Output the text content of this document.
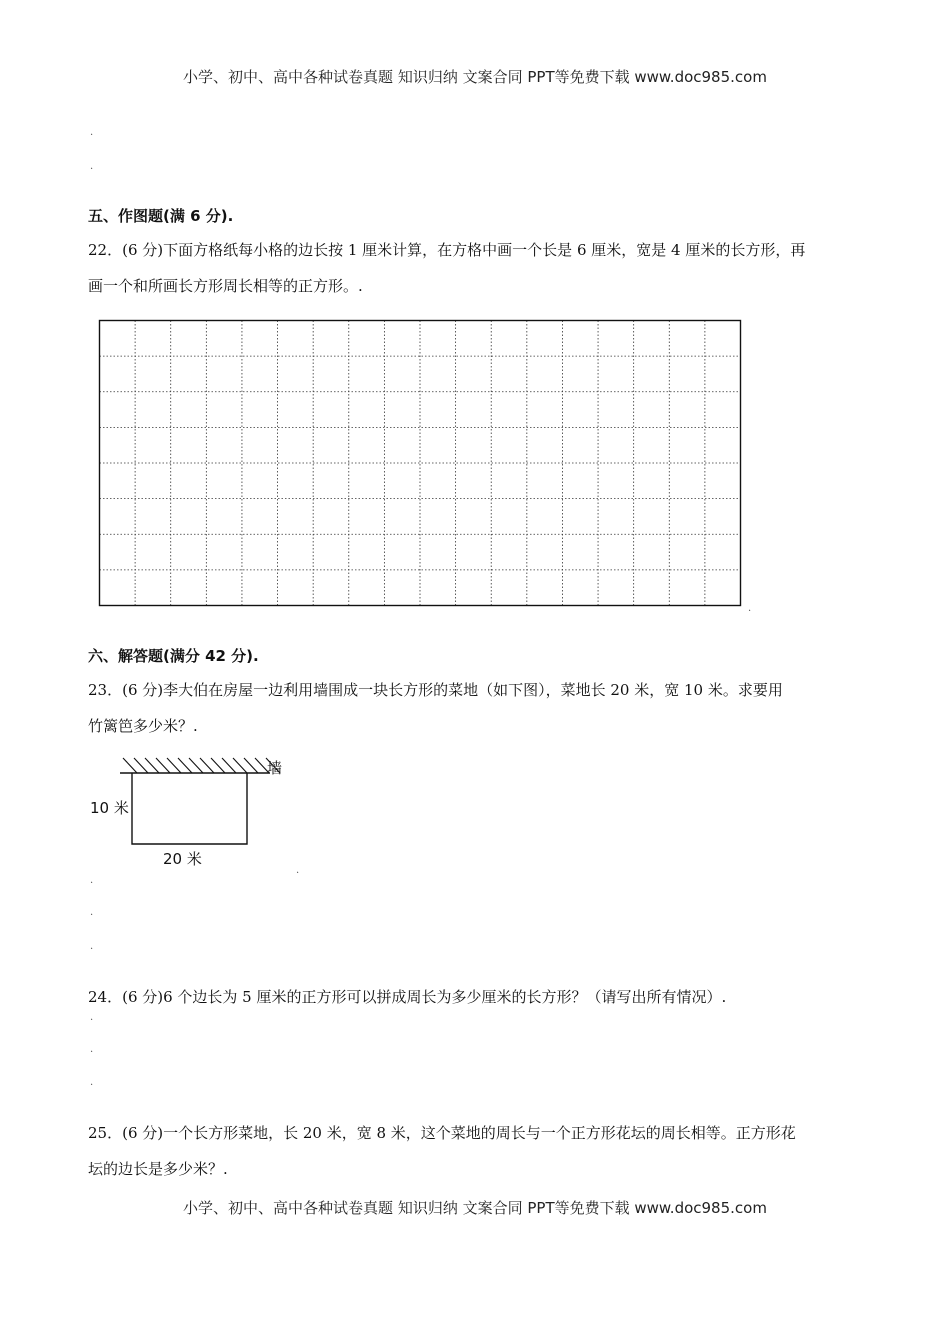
小学、初中、高中各种试卷真题 知识归纳 文案合同 PPT等免费下载 www.doc985.com
.
.
五、作图题(满 6 分).
22．(6 分)下面方格纸每小格的边长按 1 厘米计算，在方格中画一个长是 6 厘米，宽是 4 厘米的长方形，再
画一个和所画长方形周长相等的正方形。.
.
六、解答题(满分 42 分).
23．(6 分)李大伯在房屋一边利用墙围成一块长方形的菜地（如下图），菜地长 20 米，宽 10 米。求要用
竹篱笆多少米？.
墙
10 米
20 米
.
.
.
.
24．(6 分)6 个边长为 5 厘米的正方形可以拼成周长为多少厘米的长方形？（请写出所有情况）.
.
.
.
25．(6 分)一个长方形菜地，长 20 米，宽 8 米，这个菜地的周长与一个正方形花坛的周长相等。正方形花
坛的边长是多少米？.
小学、初中、高中各种试卷真题 知识归纳 文案合同 PPT等免费下载 www.doc985.com
